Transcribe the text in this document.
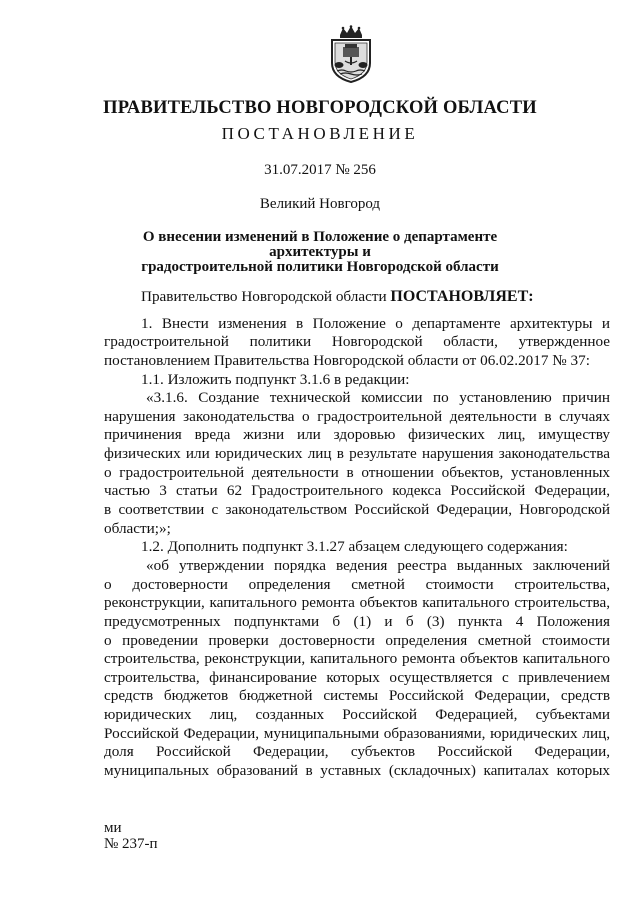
ПРАВИТЕЛЬСТВО НОВГОРОДСКОЙ ОБЛАСТИ
ПОСТАНОВЛЕНИЕ
31.07.2017 № 256
Великий Новгород
О внесении изменений в Положение о департаменте архитектуры и
градостроительной политики Новгородской области
Правительство Новгородской области ПОСТАНОВЛЯЕТ:
1. Внести изменения в Положение о департаменте архитектуры и
градостроительной политики Новгородской области, утвержденное
постановлением Правительства Новгородской области от 06.02.2017 № 37:
1.1. Изложить подпункт 3.1.6 в редакции:
«3.1.6. Создание технической комиссии по установлению причин
нарушения законодательства о градостроительной деятельности в случаях
причинения вреда жизни или здоровью физических лиц, имуществу
физических или юридических лиц в результате нарушения законодательства
о градостроительной деятельности в отношении объектов, установленных
частью 3 статьи 62 Градостроительного кодекса Российской Федерации,
в соответствии с законодательством Российской Федерации, Новгородской
области;»;
1.2. Дополнить подпункт 3.1.27 абзацем следующего содержания:
«об утверждении порядка ведения реестра выданных заключений
о достоверности определения сметной стоимости строительства,
реконструкции, капитального ремонта объектов капитального строительства,
предусмотренных подпунктами б (1) и б (3) пункта 4 Положения
о проведении проверки достоверности определения сметной стоимости
строительства, реконструкции, капитального ремонта объектов капитального
строительства, финансирование которых осуществляется с привлечением
средств бюджетов бюджетной системы Российской Федерации, средств
юридических лиц, созданных Российской Федерацией, субъектами
Российской Федерации, муниципальными образованиями, юридических лиц,
доля Российской Федерации, субъектов Российской Федерации,
муниципальных образований в уставных (складочных) капиталах которых
ми
№ 237-п
